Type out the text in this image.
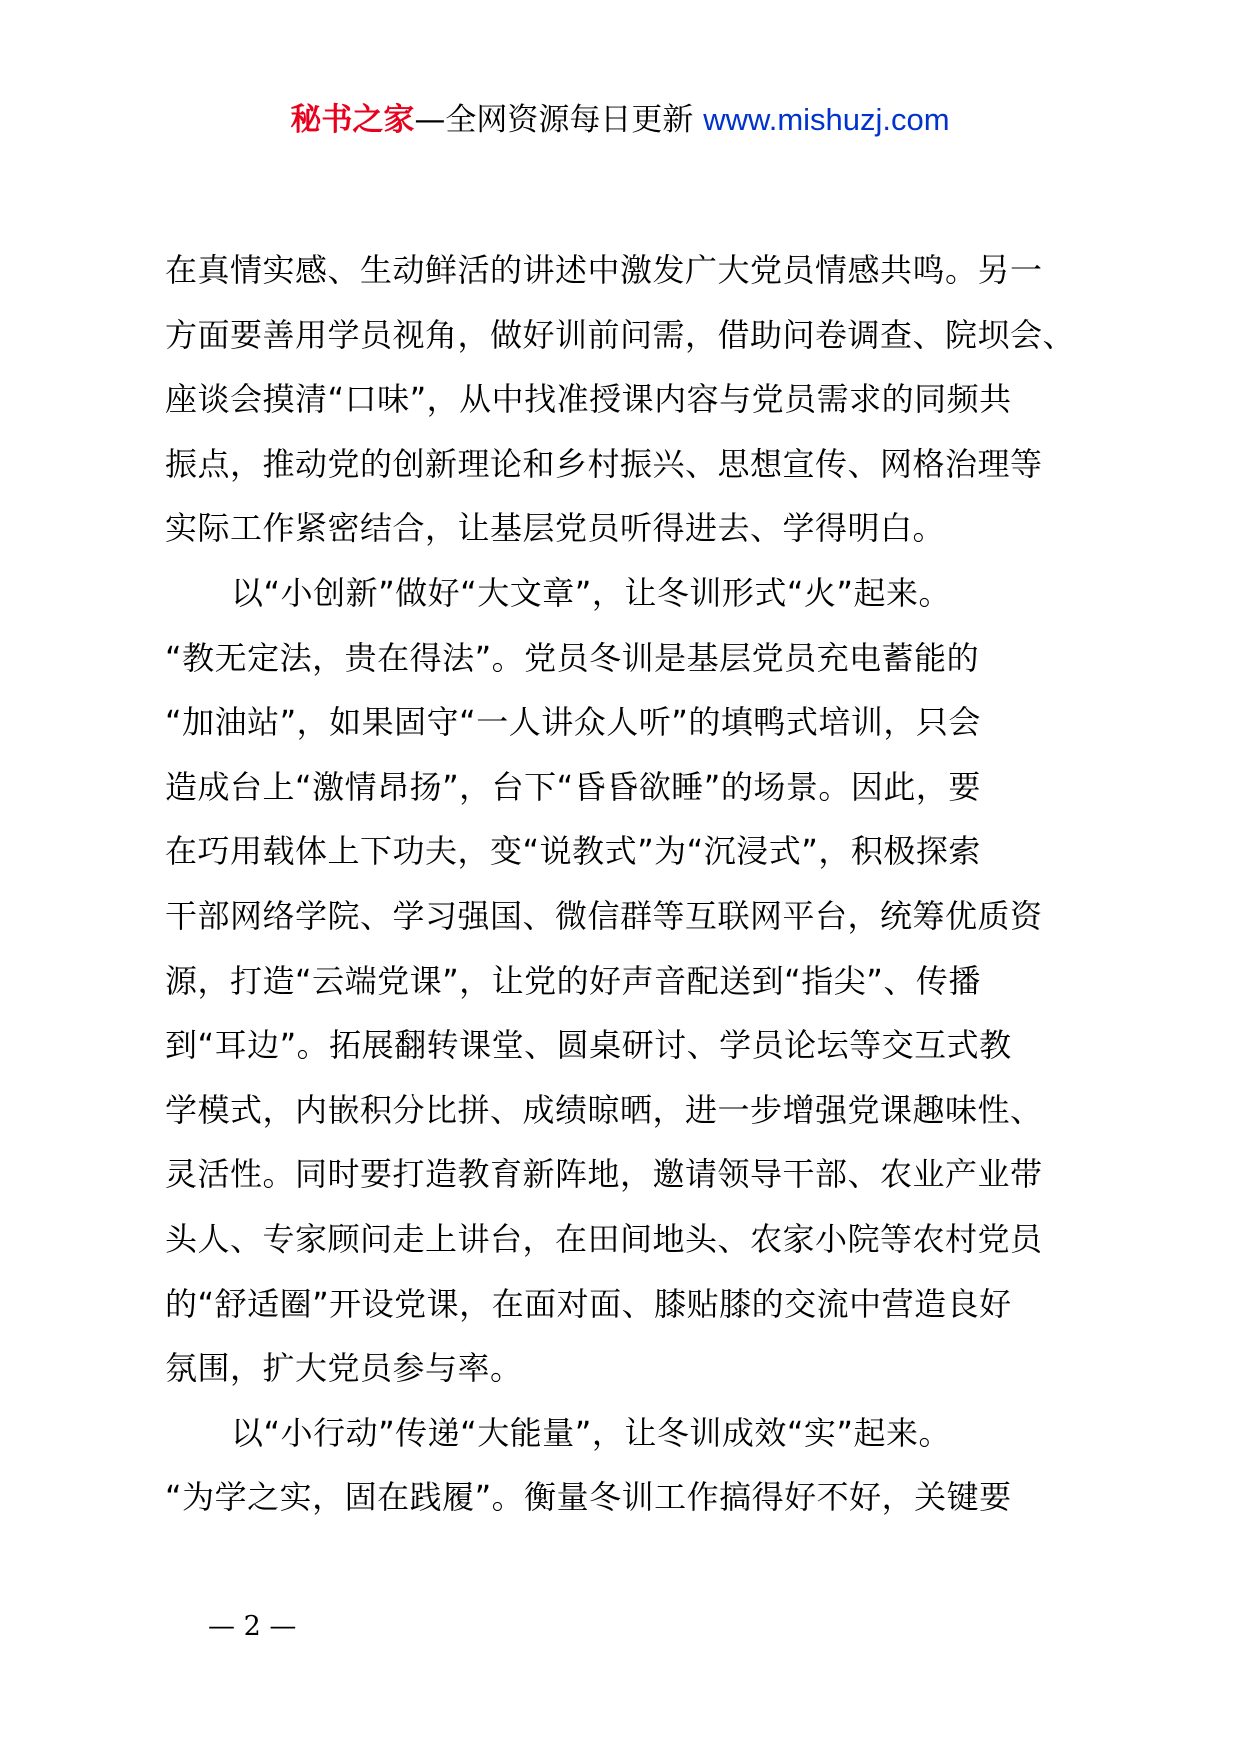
秘书之家—全网资源每日更新 www.mishuzj.com
在真情实感、生动鲜活的讲述中激发广大党员情感共鸣。另一
方面要善用学员视角，做好训前问需，借助问卷调查、院坝会、
座谈会摸清“口味”，从中找准授课内容与党员需求的同频共
振点，推动党的创新理论和乡村振兴、思想宣传、网格治理等
实际工作紧密结合，让基层党员听得进去、学得明白。
以“小创新”做好“大文章”，让冬训形式“火”起来。
“教无定法，贵在得法”。党员冬训是基层党员充电蓄能的
“加油站”，如果固守“一人讲众人听”的填鸭式培训，只会
造成台上“激情昂扬”，台下“昏昏欲睡”的场景。因此，要
在巧用载体上下功夫，变“说教式”为“沉浸式”，积极探索
干部网络学院、学习强国、微信群等互联网平台，统筹优质资
源，打造“云端党课”，让党的好声音配送到“指尖”、传播
到“耳边”。拓展翻转课堂、圆桌研讨、学员论坛等交互式教
学模式，内嵌积分比拼、成绩晾晒，进一步增强党课趣味性、
灵活性。同时要打造教育新阵地，邀请领导干部、农业产业带
头人、专家顾问走上讲台，在田间地头、农家小院等农村党员
的“舒适圈”开设党课，在面对面、膝贴膝的交流中营造良好
氛围，扩大党员参与率。
以“小行动”传递“大能量”，让冬训成效“实”起来。
“为学之实，固在践履”。衡量冬训工作搞得好不好，关键要
— 2 —
